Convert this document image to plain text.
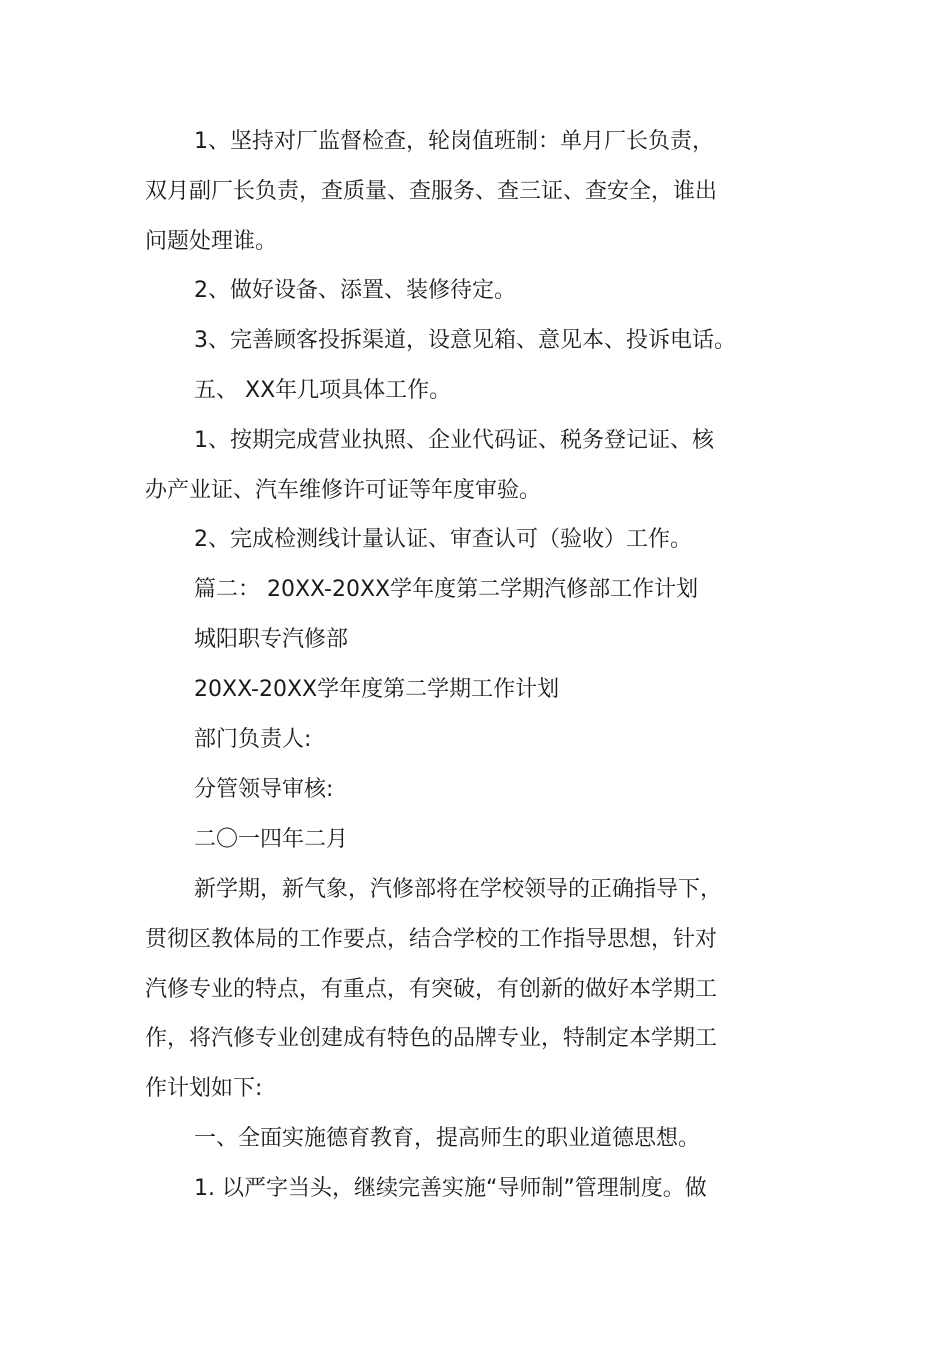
1、坚持对厂监督检查，轮岗值班制：单月厂长负责，
双月副厂长负责，查质量、查服务、查三证、查安全，谁出
问题处理谁。
2、做好设备、添置、装修待定。
3、完善顾客投拆渠道，设意见箱、意见本、投诉电话。
五、 XX年几项具体工作。
1、按期完成营业执照、企业代码证、税务登记证、核
办产业证、汽车维修许可证等年度审验。
2、完成检测线计量认证、审查认可（验收）工作。
篇二： 20XX-20XX学年度第二学期汽修部工作计划
城阳职专汽修部
20XX-20XX学年度第二学期工作计划
部门负责人:
分管领导审核:
二〇一四年二月
新学期，新气象，汽修部将在学校领导的正确指导下，
贯彻区教体局的工作要点，结合学校的工作指导思想，针对
汽修专业的特点，有重点，有突破，有创新的做好本学期工
作，将汽修专业创建成有特色的品牌专业，特制定本学期工
作计划如下:
一、全面实施德育教育，提高师生的职业道德思想。
1. 以严字当头，继续完善实施“导师制”管理制度。做
